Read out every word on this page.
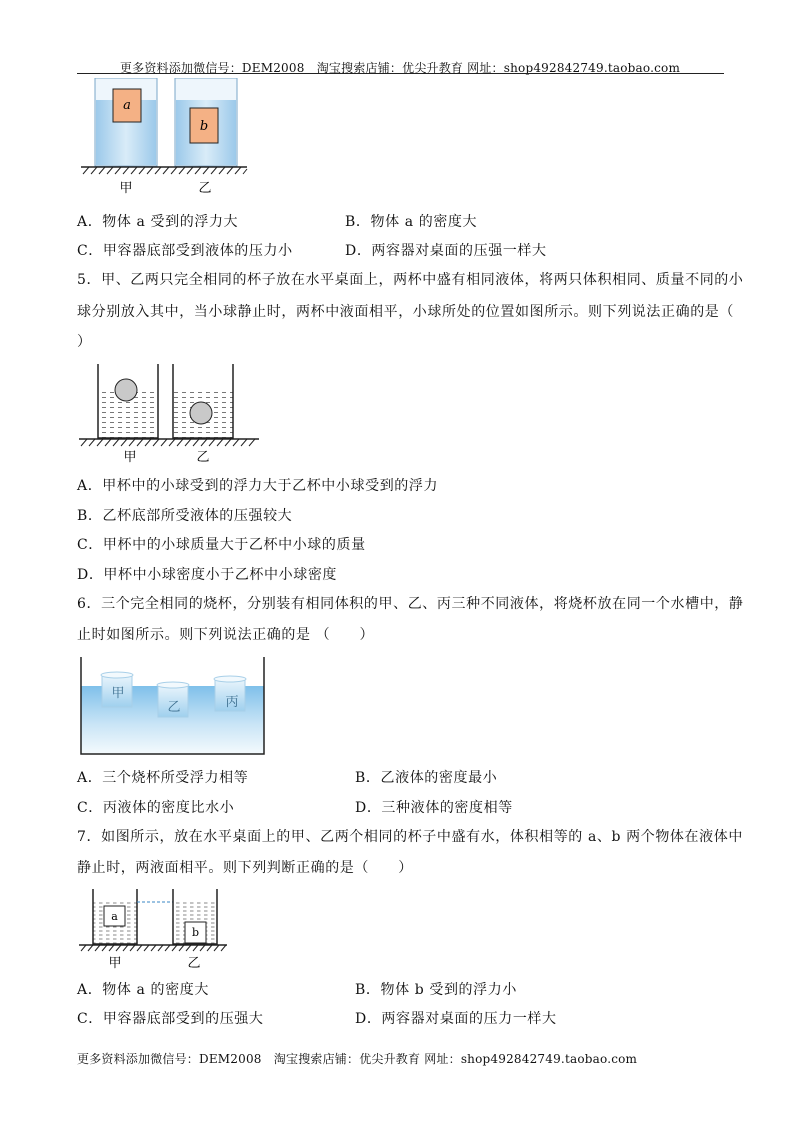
更多资料添加微信号：DEM2008　淘宝搜索店铺：优尖升教育 网址：shop492842749.taobao.com
更多资料添加微信号：DEM2008　淘宝搜索店铺：优尖升教育 网址：shop492842749.taobao.com
a
b
甲	乙
A．物体 a 受到的浮力大	B．物体 a 的密度大
C．甲容器底部受到液体的压力小	D．两容器对桌面的压强一样大
5．甲、乙两只完全相同的杯子放在水平桌面上，两杯中盛有相同液体，将两只体积相同、质量不同的小
球分别放入其中，当小球静止时，两杯中液面相平，小球所处的位置如图所示。则下列说法正确的是（
）
甲	乙
A．甲杯中的小球受到的浮力大于乙杯中小球受到的浮力
B．乙杯底部所受液体的压强较大
C．甲杯中的小球质量大于乙杯中小球的质量
D．甲杯中小球密度小于乙杯中小球密度
6．三个完全相同的烧杯，分别装有相同体积的甲、乙、丙三种不同液体，将烧杯放在同一个水槽中，静
止时如图所示。则下列说法正确的是 （　　）
甲
乙	丙
A．三个烧杯所受浮力相等	B．乙液体的密度最小
C．丙液体的密度比水小	D．三种液体的密度相等
7．如图所示，放在水平桌面上的甲、乙两个相同的杯子中盛有水，体积相等的 a、b 两个物体在液体中
静止时，两液面相平。则下列判断正确的是（　　）
a
b
甲	乙
A．物体 a 的密度大	B．物体 b 受到的浮力小
C．甲容器底部受到的压强大	D．两容器对桌面的压力一样大
